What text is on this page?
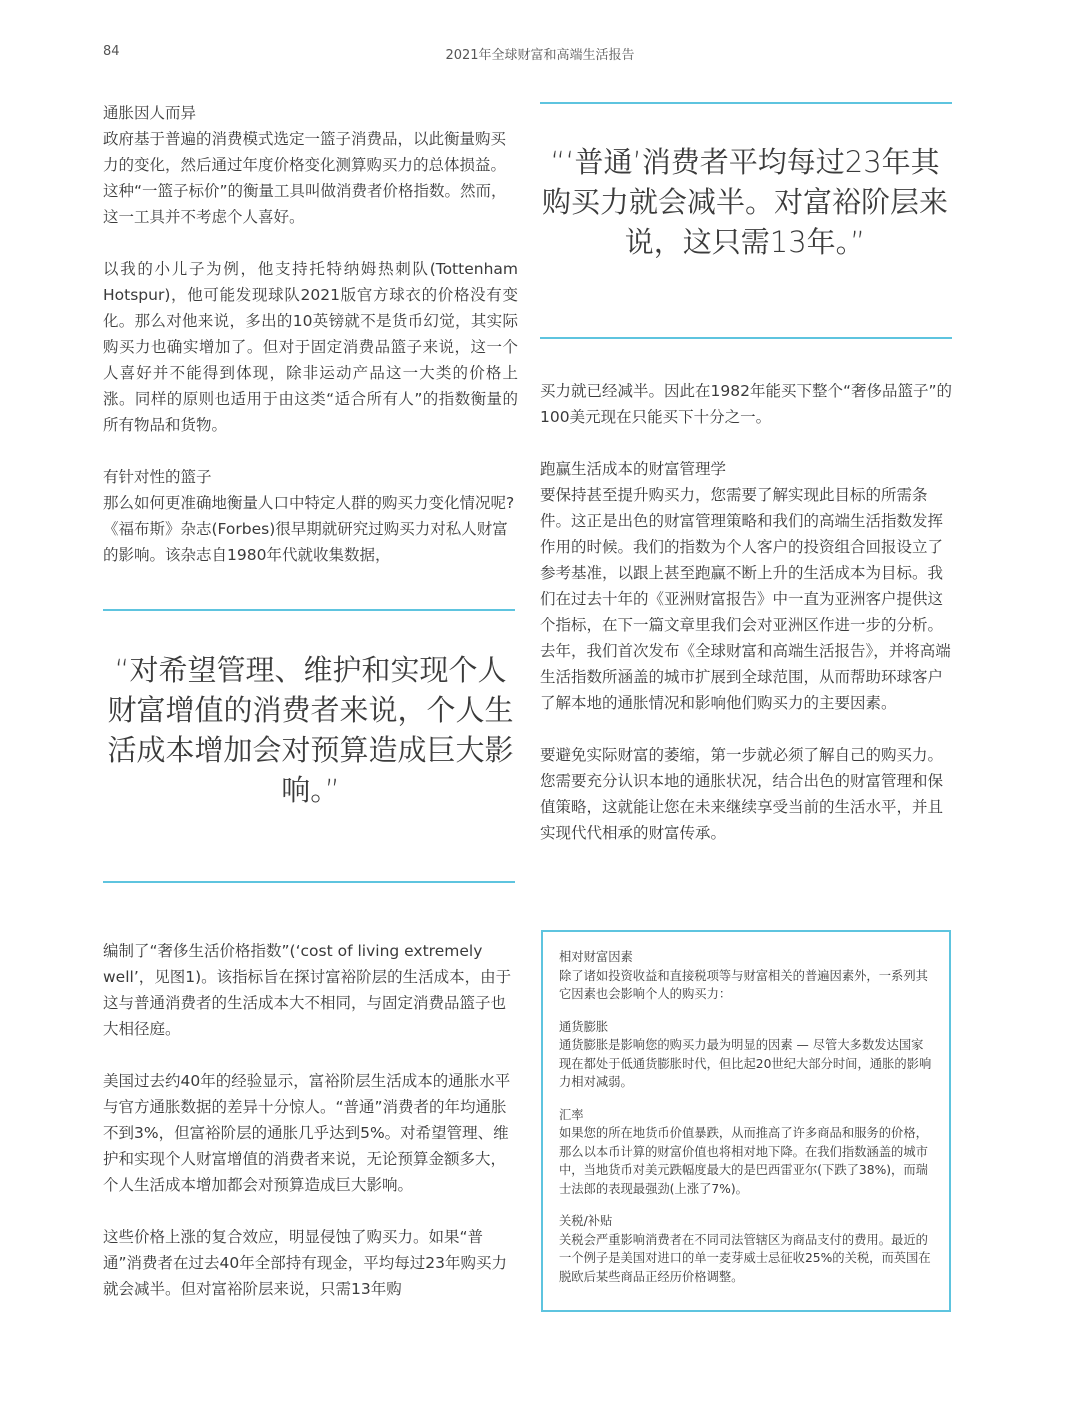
84	2021年全球财富和高端生活报告

通胀因人而异

政府基于普遍的消费模式选定一篮子消费品，以此衡量购买力的变化，然后通过年度价格变化测算购买力的总体损益。这种“一篮子标价”的衡量工具叫做消费者价格指数。然而，这一工具并不考虑个人喜好。

以我的小儿子为例，他支持托特纳姆热刺队(Tottenham Hotspur)，他可能发现球队2021版官方球衣的价格没有变化。那么对他来说，多出的10英镑就不是货币幻觉，其实际购买力也确实增加了。但对于固定消费品篮子来说，这一个人喜好并不能得到体现，除非运动产品这一大类的价格上涨。同样的原则也适用于由这类“适合所有人”的指数衡量的所有物品和货物。

有针对性的篮子

那么如何更准确地衡量人口中特定人群的购买力变化情况呢?《福布斯》杂志(Forbes)很早期就研究过购买力对私人财富的影响。该杂志自1980年代就收集数据，

“对希望管理、维护和实现个人财富增值的消费者来说，个人生活成本增加会对预算造成巨大影响。”

编制了“奢侈生活价格指数”(‘cost of living extremely well’，见图1)。该指标旨在探讨富裕阶层的生活成本，由于这与普通消费者的生活成本大不相同，与固定消费品篮子也大相径庭。

美国过去约40年的经验显示，富裕阶层生活成本的通胀水平与官方通胀数据的差异十分惊人。“普通”消费者的年均通胀不到3%，但富裕阶层的通胀几乎达到5%。对希望管理、维护和实现个人财富增值的消费者来说，无论预算金额多大，个人生活成本增加都会对预算造成巨大影响。

这些价格上涨的复合效应，明显侵蚀了购买力。如果“普通”消费者在过去40年全部持有现金，平均每过23年购买力就会减半。但对富裕阶层来说，只需13年购

“‘普通’消费者平均每过23年其购买力就会减半。对富裕阶层来说，这只需13年。”

买力就已经减半。因此在1982年能买下整个“奢侈品篮子”的100美元现在只能买下十分之一。

跑赢生活成本的财富管理学

要保持甚至提升购买力，您需要了解实现此目标的所需条件。这正是出色的财富管理策略和我们的高端生活指数发挥作用的时候。我们的指数为个人客户的投资组合回报设立了参考基准，以跟上甚至跑赢不断上升的生活成本为目标。我们在过去十年的《亚洲财富报告》中一直为亚洲客户提供这个指标，在下一篇文章里我们会对亚洲区作进一步的分析。去年，我们首次发布《全球财富和高端生活报告》，并将高端生活指数所涵盖的城市扩展到全球范围，从而帮助环球客户了解本地的通胀情况和影响他们购买力的主要因素。

要避免实际财富的萎缩，第一步就必须了解自己的购买力。您需要充分认识本地的通胀状况，结合出色的财富管理和保值策略，这就能让您在未来继续享受当前的生活水平，并且实现代代相承的财富传承。

相对财富因素

除了诸如投资收益和直接税项等与财富相关的普遍因素外，一系列其它因素也会影响个人的购买力：

通货膨胀

通货膨胀是影响您的购买力最为明显的因素 — 尽管大多数发达国家现在都处于低通货膨胀时代，但比起20世纪大部分时间，通胀的影响力相对减弱。

汇率

如果您的所在地货币价值暴跌，从而推高了许多商品和服务的价格，那么以本币计算的财富价值也将相对地下降。在我们指数涵盖的城市中，当地货币对美元跌幅度最大的是巴西雷亚尔(下跌了38%)，而瑞士法郎的表现最强劲(上涨了7%)。

关税/补贴

关税会严重影响消费者在不同司法管辖区为商品支付的费用。最近的一个例子是美国对进口的单一麦芽威士忌征收25%的关税，而英国在脱欧后某些商品正经历价格调整。
